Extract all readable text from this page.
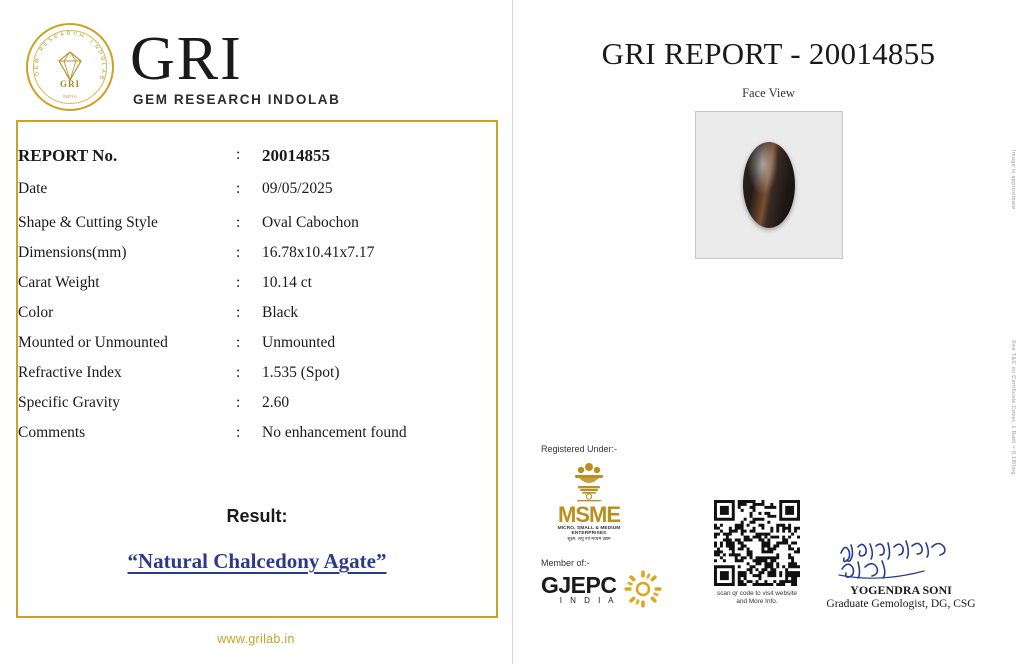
G
E
M
R
E
S E A R C H
I
N
D
O
L
A
B
GRI
INDIA
GRI
GEM RESEARCH INDOLAB
REPORT No.	:	20014855
Date	:	09/05/2025
Shape & Cutting Style	:	Oval Cabochon
Dimensions(mm)	:	16.78x10.41x7.17
Carat Weight	:	10.14 ct
Color	:	Black
Mounted or Unmounted	:	Unmounted
Refractive Index	:	1.535 (Spot)
Specific Gravity	:	2.60
Comments	:	No enhancement found
Result:
“Natural Chalcedony Agate”
www.grilab.in
GRI REPORT - 20014855
Face View
Image is approximate
See T&C on Certificate Cover, 1 Ratti = 0.180mg.
Registered Under:-
MSME
MICRO, SMALL & MEDIUM ENTERPRISES
सूक्ष्म, लघु एवं मध्यम उद्यम
Member of:-
GJEPC
I N D I A
scan qr code to visit website
and More Info.
YOGENDRA SONI
Graduate Gemologist, DG, CSG
